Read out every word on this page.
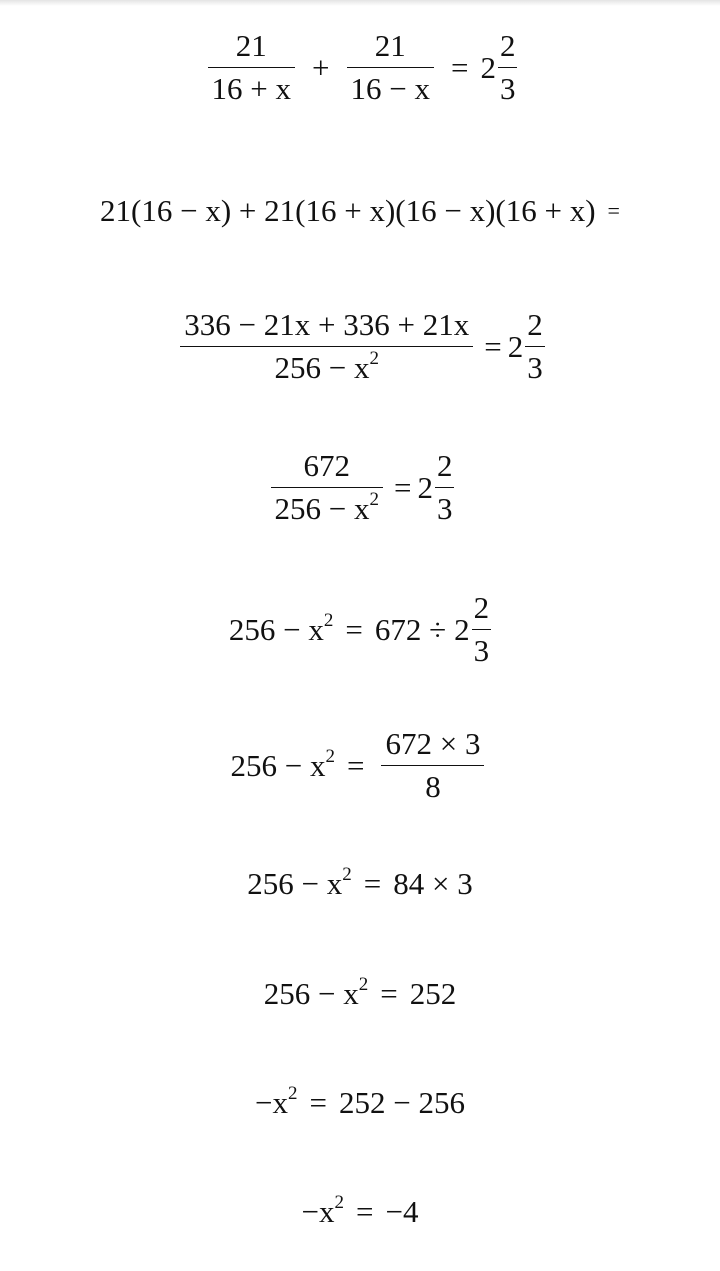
$\frac{21}{16 + x} + \frac{21}{16 - x} = 2 \frac{2}{3}$
21(16 − x) + 21(16 + x)(16 − x)(16 + x) =
$\frac{336 - 21x + 336 + 21x}{256 - x^2} = 2 \frac{2}{3}$
$\frac{672}{256 - x^2} = 2 \frac{2}{3}$
$256 - x^2 = 672 \div 2 \frac{2}{3}$
$256 - x^2 = \frac{672 \times 3}{8}$
$256 - x^2 = 84 \times 3$
$256 - x^2 = 252$
$-x^2 = 252 - 256$
$-x^2 = -4$
